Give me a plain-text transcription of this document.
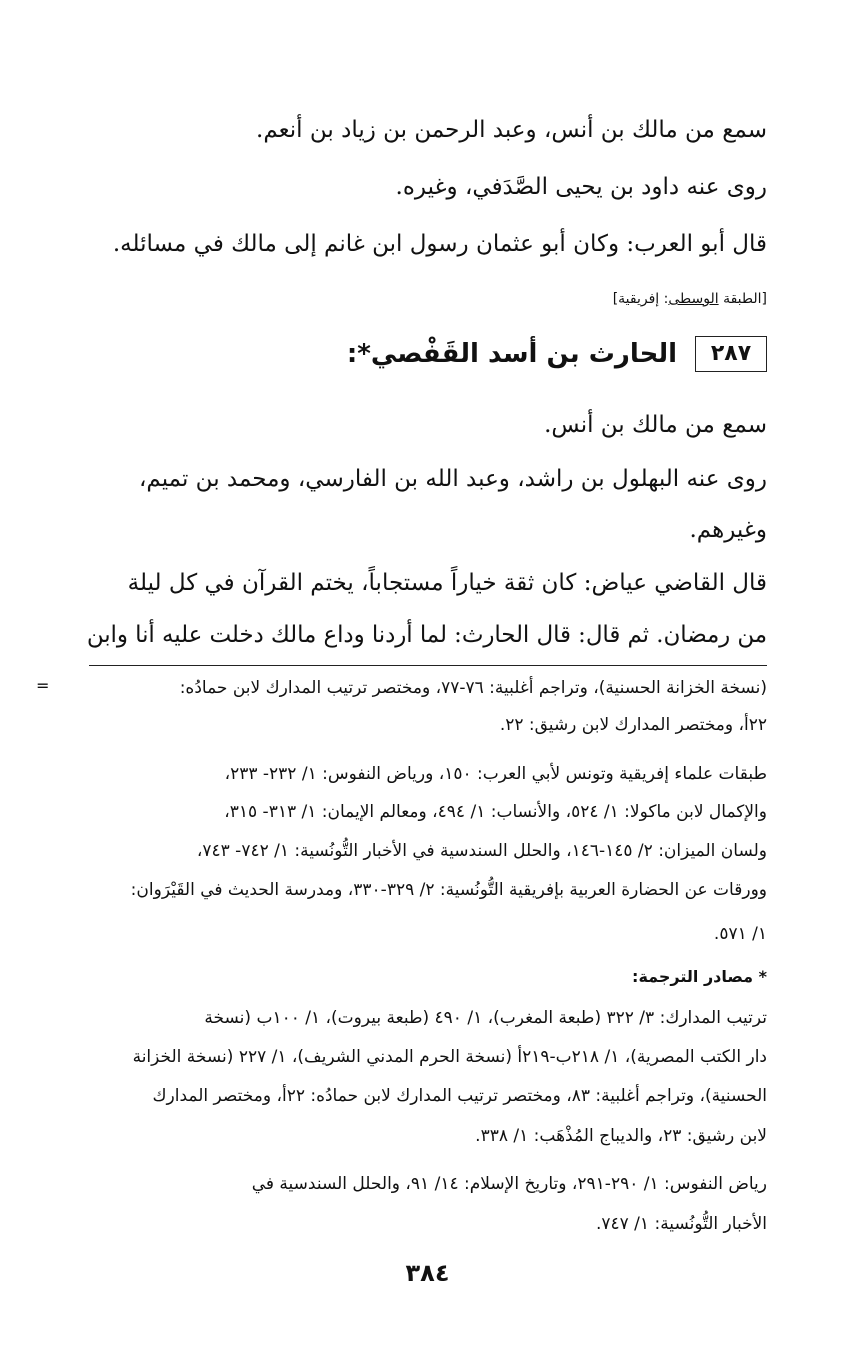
سمع من مالك بن أنس، وعبد الرحمن بن زياد بن أنعم.
روى عنه داود بن يحيى الصَّدَفي، وغيره.
قال أبو العرب: وكان أبو عثمان رسول ابن غانم إلى مالك في مسائله.
[الطبقة الوسطى: إفريقية]
٢٨٧
الحارث بن أسد القَفْصي*:
سمع من مالك بن أنس.
روى عنه البهلول بن راشد، وعبد الله بن الفارسي، ومحمد بن تميم،
وغيرهم.
قال القاضي عياض: كان ثقة خياراً مستجاباً، يختم القرآن في كل ليلة
من رمضان. ثم قال: قال الحارث: لما أردنا وداع مالك دخلت عليه أنا وابن
=	(نسخة الخزانة الحسنية)، وتراجم أغلبية: ٧٦-٧٧، ومختصر ترتيب المدارك لابن حمادُه:
٢٢أ، ومختصر المدارك لابن رشيق: ٢٢.
طبقات علماء إفريقية وتونس لأبي العرب: ١٥٠، ورياض النفوس: ١/ ٢٣٢- ٢٣٣،
والإكمال لابن ماكولا: ١/ ٥٢٤، والأنساب: ١/ ٤٩٤، ومعالم الإيمان: ١/ ٣١٣- ٣١٥،
ولسان الميزان: ٢/ ١٤٥-١٤٦، والحلل السندسية في الأخبار التُّونُسية: ١/ ٧٤٢- ٧٤٣،
وورقات عن الحضارة العربية بإفريقية التُّونُسية: ٢/ ٣٢٩-٣٣٠، ومدرسة الحديث في القَيْرَوان:
١/ ٥٧١.
* مصادر الترجمة:
ترتيب المدارك: ٣/ ٣٢٢ (طبعة المغرب)، ١/ ٤٩٠ (طبعة بيروت)، ١/ ١٠٠ب (نسخة
دار الكتب المصرية)، ١/ ٢١٨ب-٢١٩أ (نسخة الحرم المدني الشريف)، ١/ ٢٢٧ (نسخة الخزانة
الحسنية)، وتراجم أغلبية: ٨٣، ومختصر ترتيب المدارك لابن حمادُه: ٢٢أ، ومختصر المدارك
لابن رشيق: ٢٣، والديباج المُذْهَب: ١/ ٣٣٨.
رياض النفوس: ١/ ٢٩٠-٢٩١، وتاريخ الإسلام: ١٤/ ٩١، والحلل السندسية في
الأخبار التُّونُسية: ١/ ٧٤٧.
٣٨٤
